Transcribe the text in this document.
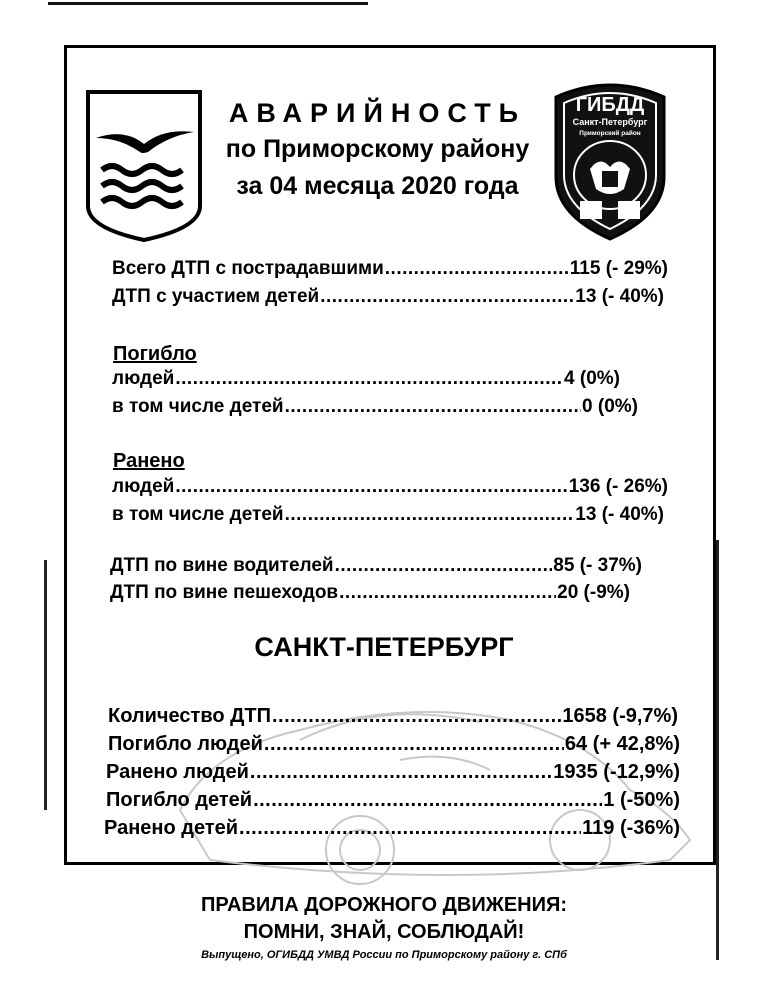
АВАРИЙНОСТЬ
по Приморскому району
за 04 месяца 2020 года
ГИБДД
Санкт-Петербург
Приморский район
Всего ДТП с пострадавшими .....	115 (- 29%)
ДТП с участием детей .....	13 (- 40%)
Погибло
людей .....	4 (0%)
в том числе детей .....	0 (0%)
Ранено
людей .....	136 (- 26%)
в том числе детей .....	13 (- 40%)
ДТП по вине водителей .....	85 (- 37%)
ДТП по вине пешеходов .....	20 (-9%)
САНКТ-ПЕТЕРБУРГ
Количество ДТП .....	1658 (-9,7%)
Погибло людей .....	64 (+ 42,8%)
Ранено людей .....	1935 (-12,9%)
Погибло детей .....	1 (-50%)
Ранено детей .....	119 (-36%)
ПРАВИЛА ДОРОЖНОГО ДВИЖЕНИЯ:
ПОМНИ, ЗНАЙ, СОБЛЮДАЙ!
Выпущено, ОГИБДД УМВД России по Приморскому району г. СПб
